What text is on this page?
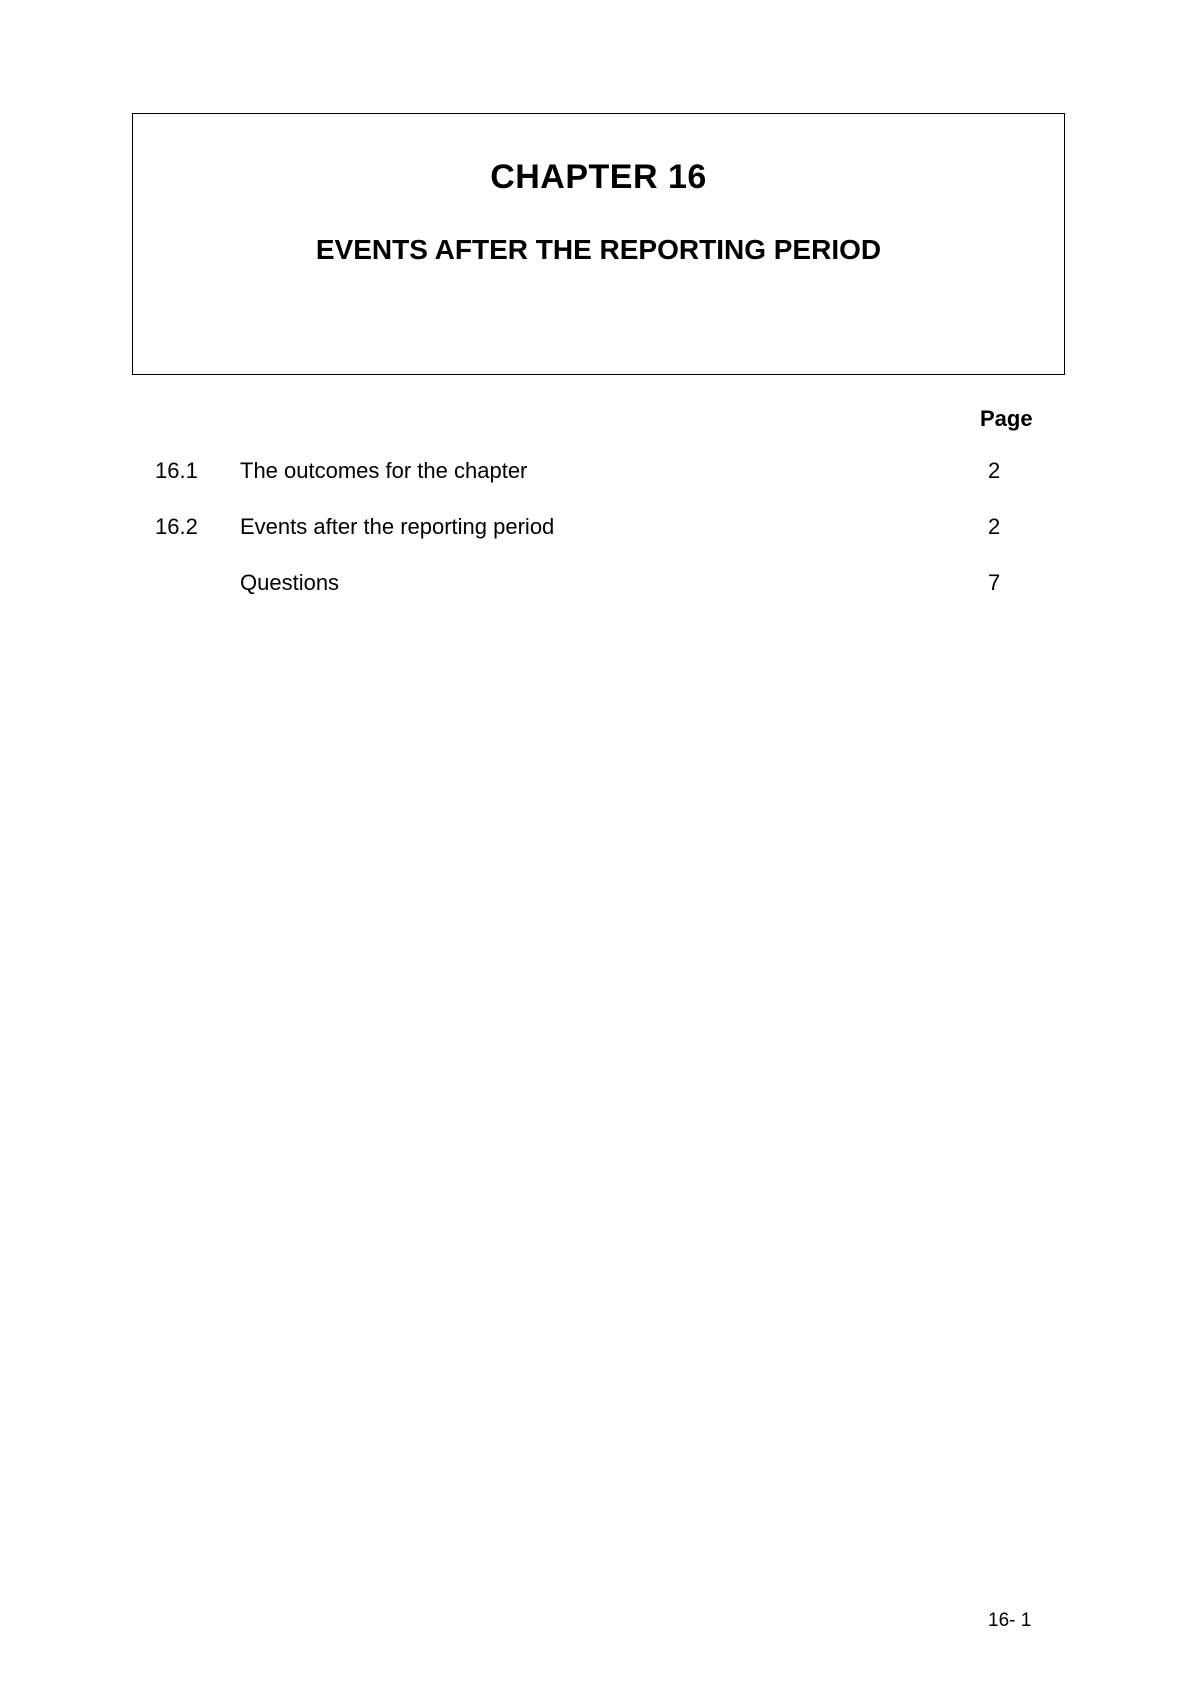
CHAPTER 16
EVENTS AFTER THE REPORTING PERIOD
Page
16.1 The outcomes for the chapter	2
16.2 Events after the reporting period	2
Questions	7
16- 1
